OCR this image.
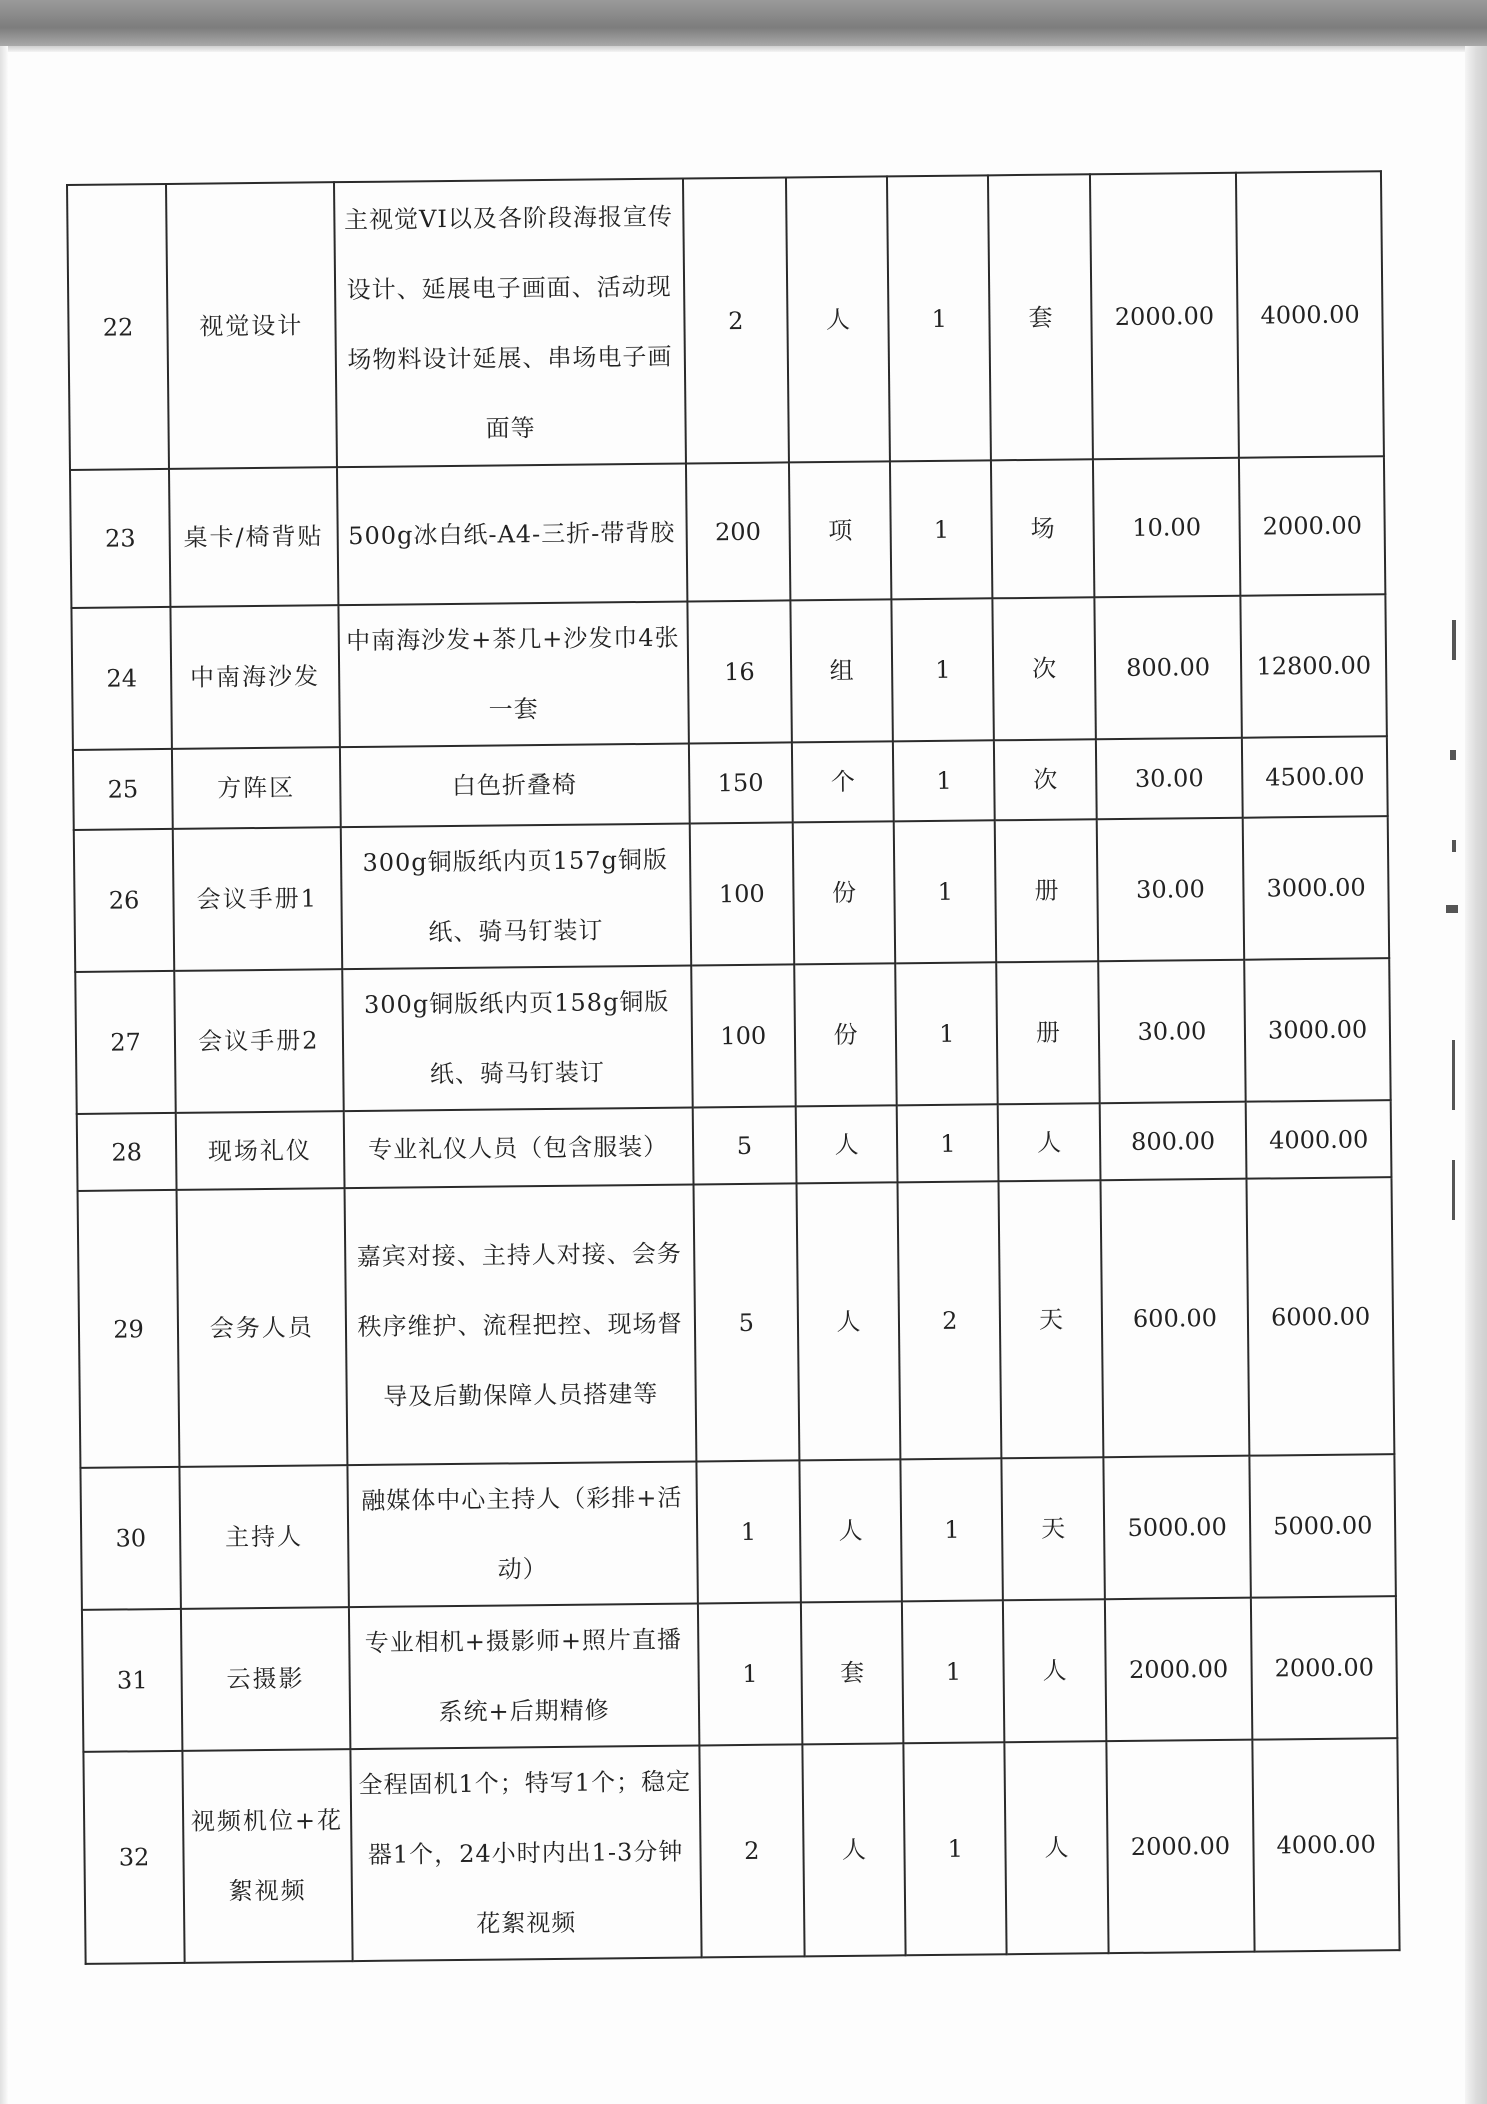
22	视觉设计	主视觉VI以及各阶段海报宣传设计、延展电子画面、活动现场物料设计延展、串场电子画面等	2	人	1	套	2000.00	4000.00
23	桌卡/椅背贴	500g冰白纸-A4-三折-带背胶	200	项	1	场	10.00	2000.00
24	中南海沙发	中南海沙发+茶几+沙发巾4张一套	16	组	1	次	800.00	12800.00
25	方阵区	白色折叠椅	150	个	1	次	30.00	4500.00
26	会议手册1	300g铜版纸内页157g铜版纸、骑马钉装订	100	份	1	册	30.00	3000.00
27	会议手册2	300g铜版纸内页158g铜版纸、骑马钉装订	100	份	1	册	30.00	3000.00
28	现场礼仪	专业礼仪人员（包含服装）	5	人	1	人	800.00	4000.00
29	会务人员	嘉宾对接、主持人对接、会务秩序维护、流程把控、现场督导及后勤保障人员搭建等	5	人	2	天	600.00	6000.00
30	主持人	融媒体中心主持人（彩排+活动）	1	人	1	天	5000.00	5000.00
31	云摄影	专业相机+摄影师+照片直播系统+后期精修	1	套	1	人	2000.00	2000.00
32	视频机位+花絮视频	全程固机1个；特写1个；稳定器1个，24小时内出1-3分钟花絮视频	2	人	1	人	2000.00	4000.00
